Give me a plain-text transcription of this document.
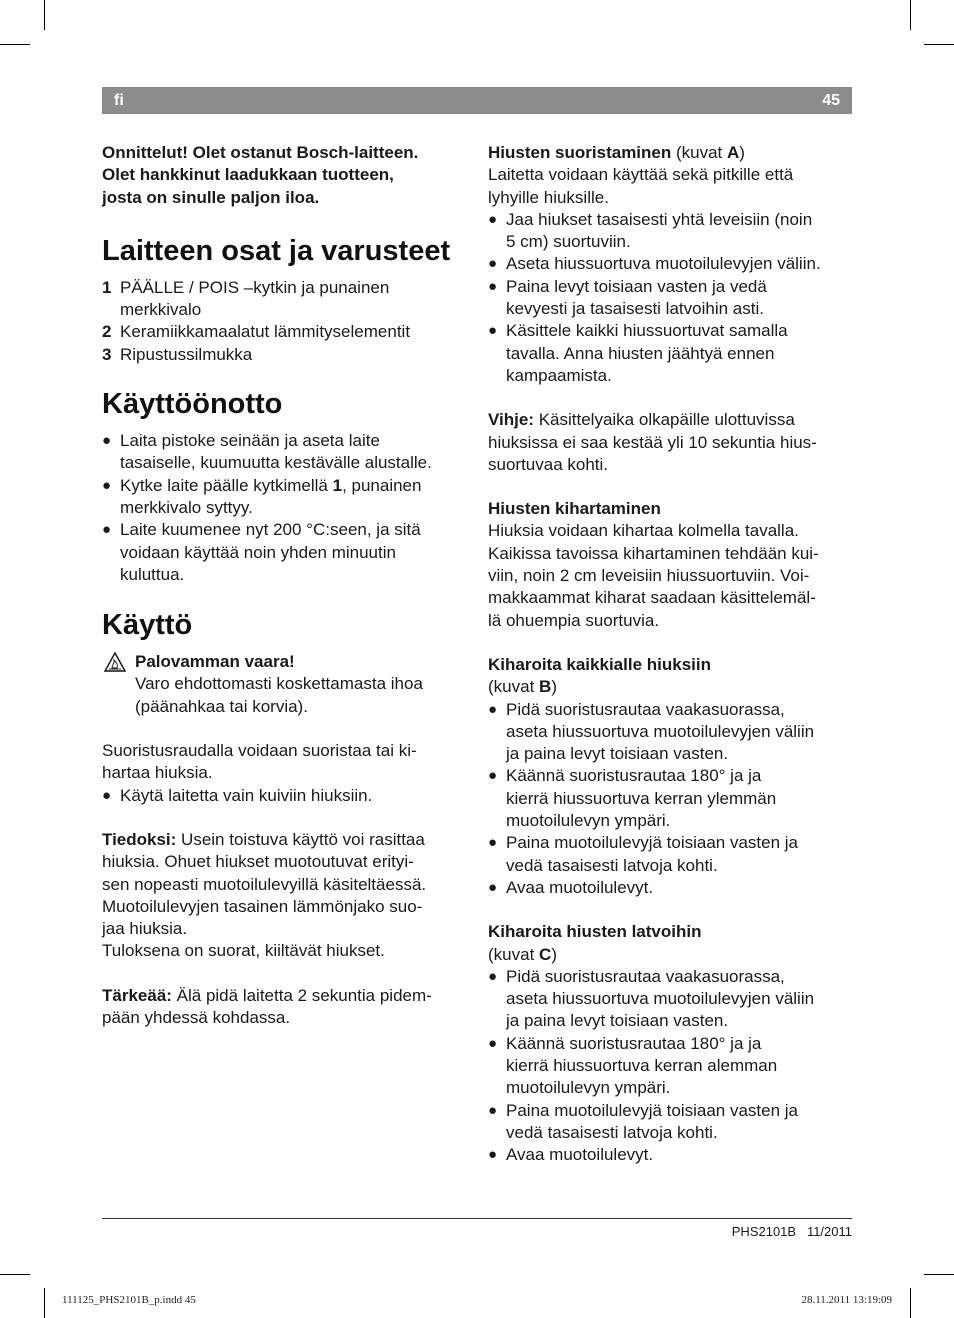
fi	45

Onnittelut! Olet ostanut Bosch-laitteen.
Olet hankkinut laadukkaan tuotteen,
josta on sinulle paljon iloa.

Laitteen osat ja varusteet
1 PÄÄLLE / POIS –kytkin ja punainen
merkkivalo
2 Keramiikkamaalatut lämmityselementit
3 Ripustussilmukka
Käyttöönotto
● Laita pistoke seinään ja aseta laite
tasaiselle, kuumuutta kestävälle alustalle.
● Kytke laite päälle kytkimellä 1, punainen
merkkivalo syttyy.
● Laite kuumenee nyt 200 °C:seen, ja sitä
voidaan käyttää noin yhden minuutin
kuluttua.
Käyttö
Palovamman vaara!
Varo ehdottomasti koskettamasta ihoa
(päänahkaa tai korvia).

Suoristusraudalla voidaan suoristaa tai ki-
hartaa hiuksia.

● Käytä laitetta vain kuiviin hiuksiin.

Tiedoksi: Usein toistuva käyttö voi rasittaa
hiuksia. Ohuet hiukset muotoutuvat erityi-
sen nopeasti muotoilulevyillä käsiteltäessä.
Muotoilulevyjen tasainen lämmönjako suo-
jaa hiuksia.
Tuloksena on suorat, kiiltävät hiukset.

Tärkeää: Älä pidä laitetta 2 sekuntia pidem-
pään yhdessä kohdassa.

Hiusten suoristaminen (kuvat A)
Laitetta voidaan käyttää sekä pitkille että
lyhyille hiuksille.

● Jaa hiukset tasaisesti yhtä leveisiin (noin
5 cm) suortuviin.
● Aseta hiussuortuva muotoilulevyjen väliin.
● Paina levyt toisiaan vasten ja vedä
kevyesti ja tasaisesti latvoihin asti.
● Käsittele kaikki hiussuortuvat samalla
tavalla. Anna hiusten jäähtyä ennen
kampaamista.

Vihje: Käsittelyaika olkapäille ulottuvissa
hiuksissa ei saa kestää yli 10 sekuntia hius-
suortuvaa kohti.

Hiusten kihartaminen
Hiuksia voidaan kihartaa kolmella tavalla.
Kaikissa tavoissa kihartaminen tehdään kui-
viin, noin 2 cm leveisiin hiussuortuviin. Voi-
makkaammat kiharat saadaan käsittelemäl-
lä ohuempia suortuvia.

Kiharoita kaikkialle hiuksiin
(kuvat B)

● Pidä suoristusrautaa vaakasuorassa,
aseta hiussuortuva muotoilulevyjen väliin
ja paina levyt toisiaan vasten.
● Käännä suoristusrautaa 180° ja ja
kierrä hiussuortuva kerran ylemmän
muotoilulevyn ympäri.
● Paina muotoilulevyjä toisiaan vasten ja
vedä tasaisesti latvoja kohti.
● Avaa muotoilulevyt.

Kiharoita hiusten latvoihin
(kuvat C)

● Pidä suoristusrautaa vaakasuorassa,
aseta hiussuortuva muotoilulevyjen väliin
ja paina levyt toisiaan vasten.
● Käännä suoristusrautaa 180° ja ja
kierrä hiussuortuva kerran alemman
muotoilulevyn ympäri.
● Paina muotoilulevyjä toisiaan vasten ja
vedä tasaisesti latvoja kohti.
● Avaa muotoilulevyt.
PHS2101B 11/2011
111125_PHS2101B_p.indd 45	28.11.2011 13:19:09
